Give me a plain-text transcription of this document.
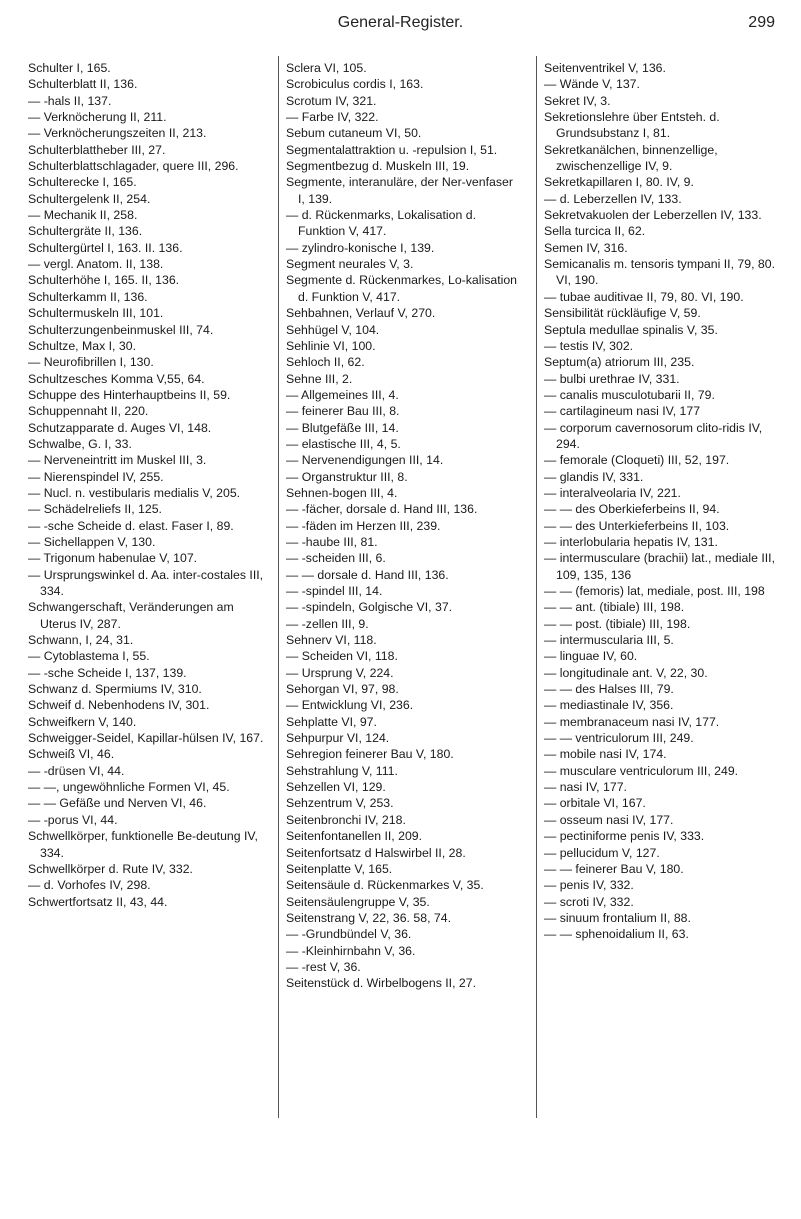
General-Register.	299
Schulter I, 165.
Schulterblatt II, 136.
— -hals II, 137.
— Verknöcherung II, 211.
— Verknöcherungszeiten II, 213.
Schulterblattheber III, 27.
Schulterblattschlagader, quere III, 296.
Schulterecke I, 165.
Schultergelenk II, 254.
— Mechanik II, 258.
Schultergräte II, 136.
Schultergürtel I, 163. II. 136.
— vergl. Anatom. II, 138.
Schulterhöhe I, 165. II, 136.
Schulterkamm II, 136.
Schultermuskeln III, 101.
Schulterzungenbeinmuskel III, 74.
Schultze, Max I, 30.
— Neurofibrillen I, 130.
Schultzesches Komma V,55, 64.
Schuppe des Hinterhauptbeins II, 59.
Schuppennaht II, 220.
Schutzapparate d. Auges VI, 148.
Schwalbe, G. I, 33.
— Nerveneintritt im Muskel III, 3.
— Nierenspindel IV, 255.
— Nucl. n. vestibularis medialis V, 205.
— Schädelreliefs II, 125.
— -sche Scheide d. elast. Faser I, 89.
— Sichellappen V, 130.
— Trigonum habenulae V, 107.
— Ursprungswinkel d. Aa. inter-costales III, 334.
Schwangerschaft, Veränderungen am Uterus IV, 287.
Schwann, I, 24, 31.
— Cytoblastema I, 55.
— -sche Scheide I, 137, 139.
Schwanz d. Spermiums IV, 310.
Schweif d. Nebenhodens IV, 301.
Schweifkern V, 140.
Schweigger-Seidel, Kapillar-hülsen IV, 167.
Schweiß VI, 46.
— -drüsen VI, 44.
— —, ungewöhnliche Formen VI, 45.
— — Gefäße und Nerven VI, 46.
— -porus VI, 44.
Schwellkörper, funktionelle Be-deutung IV, 334.
Schwellkörper d. Rute IV, 332.
— d. Vorhofes IV, 298.
Schwertfortsatz II, 43, 44.
Sclera VI, 105.
Scrobiculus cordis I, 163.
Scrotum IV, 321.
— Farbe IV, 322.
Sebum cutaneum VI, 50.
Segmentalattraktion u. -repulsion I, 51.
Segmentbezug d. Muskeln III, 19.
Segmente, interanuläre, der Ner-venfaser I, 139.
— d. Rückenmarks, Lokalisation d. Funktion V, 417.
— zylindro-konische I, 139.
Segment neurales V, 3.
Segmente d. Rückenmarkes, Lo-kalisation d. Funktion V, 417.
Sehbahnen, Verlauf V, 270.
Sehhügel V, 104.
Sehlinie VI, 100.
Sehloch II, 62.
Sehne III, 2.
— Allgemeines III, 4.
— feinerer Bau III, 8.
— Blutgefäße III, 14.
— elastische III, 4, 5.
— Nervenendigungen III, 14.
— Organstruktur III, 8.
Sehnen-bogen III, 4.
— -fächer, dorsale d. Hand III, 136.
— -fäden im Herzen III, 239.
— -haube III, 81.
— -scheiden III, 6.
— — dorsale d. Hand III, 136.
— -spindel III, 14.
— -spindeln, Golgische VI, 37.
— -zellen III, 9.
Sehnerv VI, 118.
— Scheiden VI, 118.
— Ursprung V, 224.
Sehorgan VI, 97, 98.
— Entwicklung VI, 236.
Sehplatte VI, 97.
Sehpurpur VI, 124.
Sehregion feinerer Bau V, 180.
Sehstrahlung V, 111.
Sehzellen VI, 129.
Sehzentrum V, 253.
Seitenbronchi IV, 218.
Seitenfontanellen II, 209.
Seitenfortsatz d Halswirbel II, 28.
Seitenplatte V, 165.
Seitensäule d. Rückenmarkes V, 35.
Seitensäulengruppe V, 35.
Seitenstrang V, 22, 36. 58, 74.
— -Grundbündel V, 36.
— -Kleinhirnbahn V, 36.
— -rest V, 36.
Seitenstück d. Wirbelbogens II, 27.
Seitenventrikel V, 136.
— Wände V, 137.
Sekret IV, 3.
Sekretionslehre über Entsteh. d. Grundsubstanz I, 81.
Sekretkanälchen, binnenzellige, zwischenzellige IV, 9.
Sekretkapillaren I, 80. IV, 9.
— d. Leberzellen IV, 133.
Sekretvakuolen der Leberzellen IV, 133.
Sella turcica II, 62.
Semen IV, 316.
Semicanalis m. tensoris tympani II, 79, 80. VI, 190.
— tubae auditivae II, 79, 80. VI, 190.
Sensibilität rückläufige V, 59.
Septula medullae spinalis V, 35.
— testis IV, 302.
Septum(a) atriorum III, 235.
— bulbi urethrae IV, 331.
— canalis musculotubarii II, 79.
— cartilagineum nasi IV, 177
— corporum cavernosorum clito-ridis IV, 294.
— femorale (Cloqueti) III, 52, 197.
— glandis IV, 331.
— interalveolaria IV, 221.
— — des Oberkieferbeins II, 94.
— — des Unterkieferbeins II, 103.
— interlobularia hepatis IV, 131.
— intermusculare (brachii) lat., mediale III, 109, 135, 136
— — (femoris) lat, mediale, post. III, 198
— — ant. (tibiale) III, 198.
— — post. (tibiale) III, 198.
— intermuscularia III, 5.
— linguae IV, 60.
— longitudinale ant. V, 22, 30.
— — des Halses III, 79.
— mediastinale IV, 356.
— membranaceum nasi IV, 177.
— — ventriculorum III, 249.
— mobile nasi IV, 174.
— musculare ventriculorum III, 249.
— nasi IV, 177.
— orbitale VI, 167.
— osseum nasi IV, 177.
— pectiniforme penis IV, 333.
— pellucidum V, 127.
— — feinerer Bau V, 180.
— penis IV, 332.
— scroti IV, 332.
— sinuum frontalium II, 88.
— — sphenoidalium II, 63.
